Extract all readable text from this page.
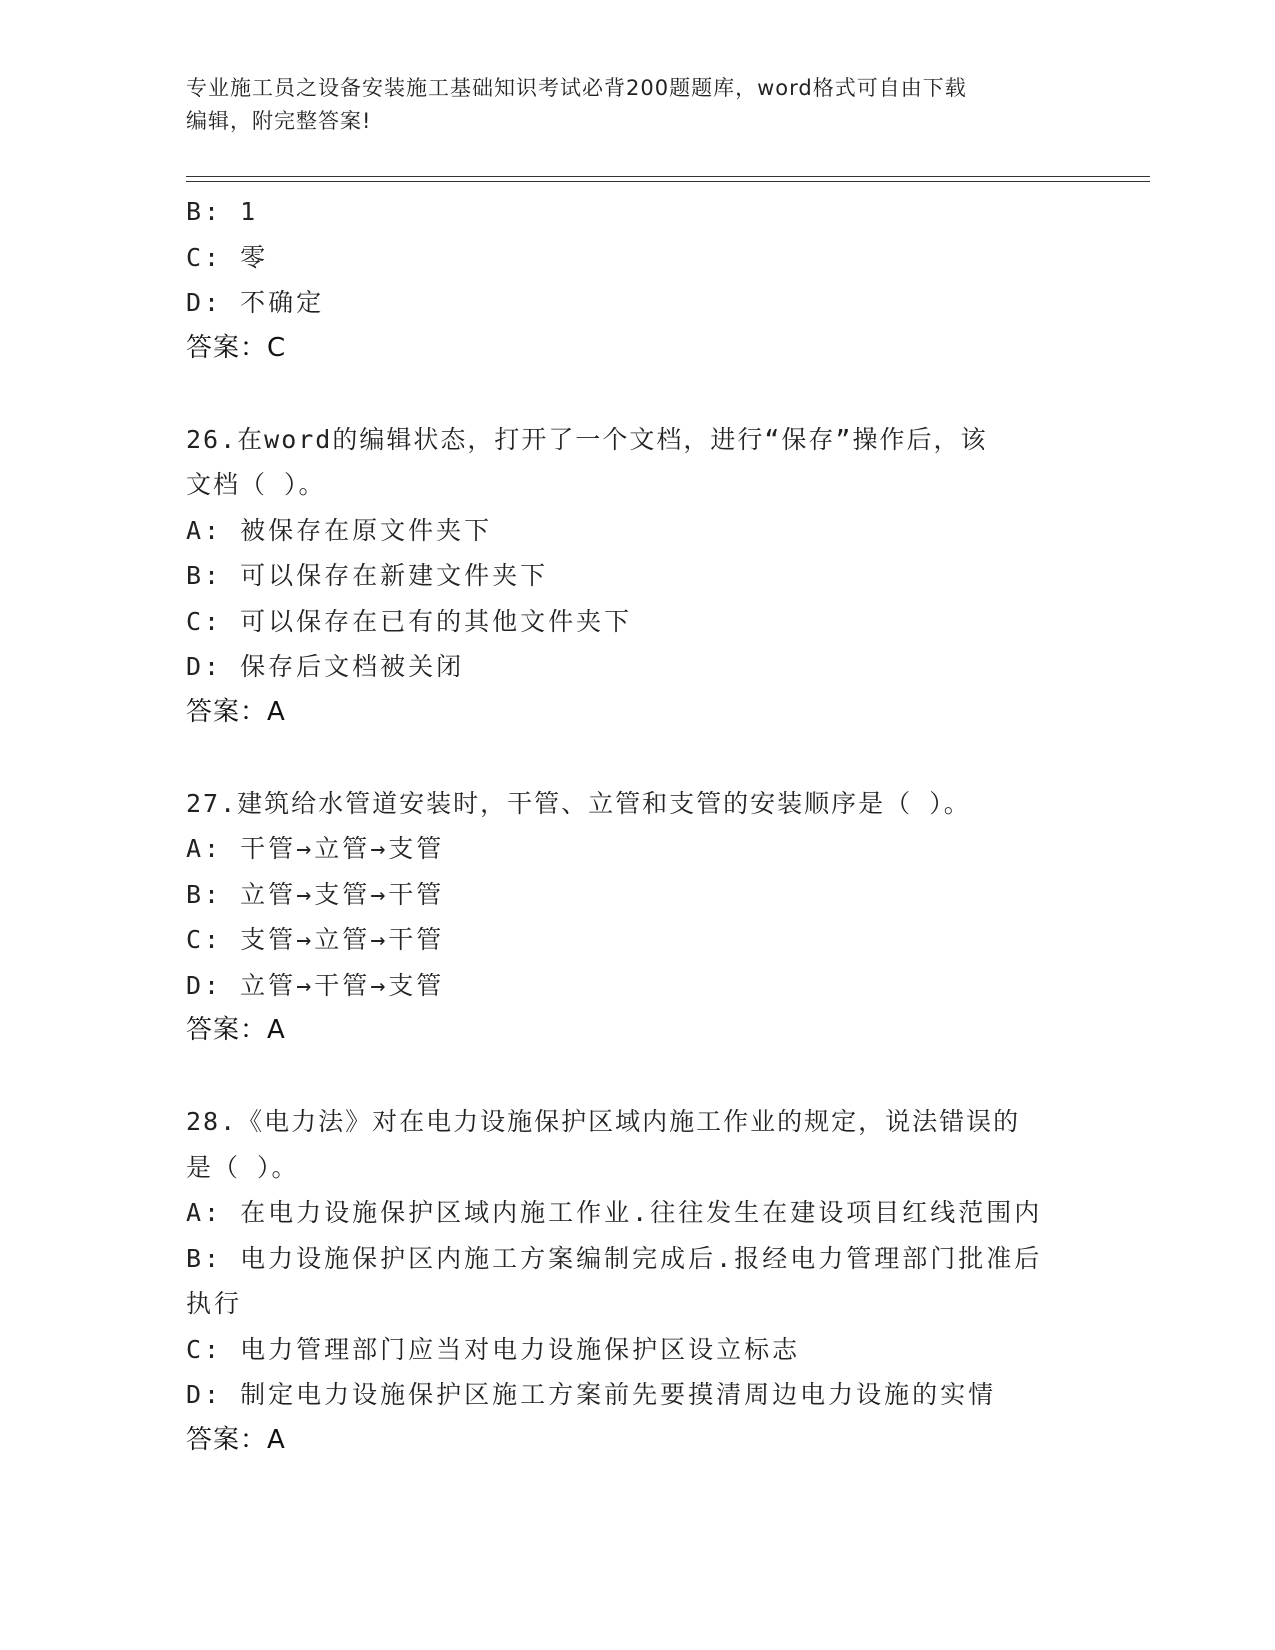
专业施工员之设备安装施工基础知识考试必背200题题库，word格式可自由下载
编辑，附完整答案!
B: 1
C: 零
D: 不确定
答案：C
26.在word的编辑状态，打开了一个文档，进行“保存”操作后，该
文档（ ）。
A: 被保存在原文件夹下
B: 可以保存在新建文件夹下
C: 可以保存在已有的其他文件夹下
D: 保存后文档被关闭
答案：A
27.建筑给水管道安装时，干管、立管和支管的安装顺序是（ ）。
A: 干管→立管→支管
B: 立管→支管→干管
C: 支管→立管→干管
D: 立管→干管→支管
答案：A
28.《电力法》对在电力设施保护区域内施工作业的规定，说法错误的
是（ ）。
A: 在电力设施保护区域内施工作业.往往发生在建设项目红线范围内
B: 电力设施保护区内施工方案编制完成后.报经电力管理部门批准后
执行
C: 电力管理部门应当对电力设施保护区设立标志
D: 制定电力设施保护区施工方案前先要摸清周边电力设施的实情
答案：A
